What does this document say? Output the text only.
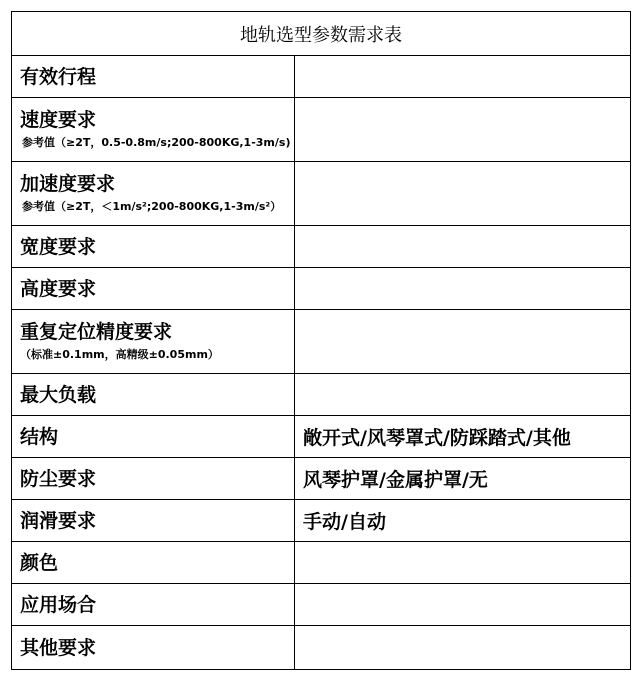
地轨选型参数需求表	

有效行程	

速度要求
参考值（≥2T，0.5-0.8m/s;200-800KG,1-3m/s)	

加速度要求
参考值（≥2T，＜1m/s²;200-800KG,1-3m/s²）	

宽度要求	

高度要求	

重复定位精度要求
（标准±0.1mm，高精级±0.05mm）	

最大负载	

结构	敞开式/风琴罩式/防踩踏式/其他

防尘要求	风琴护罩/金属护罩/无

润滑要求	手动/自动

颜色	

应用场合	

其他要求	
